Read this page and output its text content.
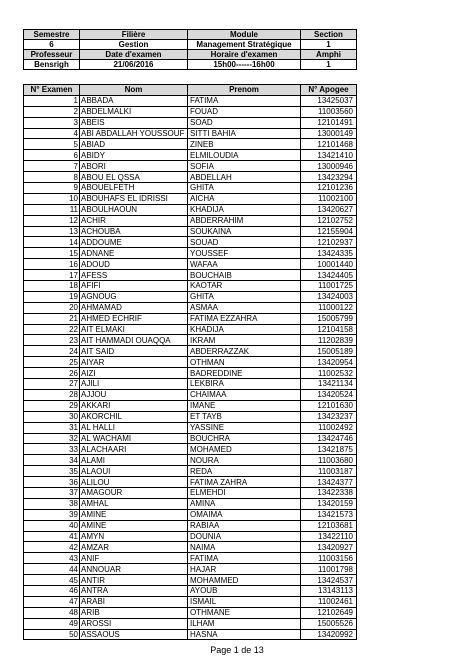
Semestre	Filière	Module	Section
6	Gestion	Management Stratégique	1
Professeur	Date d'examen	Horaire d'examen	Amphi
Bensrigh	21/06/2016	15h00------16h00	1
N° Examen	Nom	Prenom	N° Apogee
1	ABBADA	FATIMA	13425037
2	ABDELMALKI	FOUAD	11003560
3	ABEIS	SOAD	12101491
4	ABI ABDALLAH YOUSSOUF	SITTI BAHIA	13000149
5	ABIAD	ZINEB	12101468
6	ABIDY	ELMILOUDIA	13421410
7	ABORI	SOFIA	13000946
8	ABOU EL QSSA	ABDELLAH	13423294
9	ABOUELFETH	GHITA	12101236
10	ABOUHAFS EL IDRISSI	AICHA	11002100
11	ABOULHAOUN	KHADIJA	13420627
12	ACHIR	ABDERRAHIM	12102752
13	ACHOUBA	SOUKAINA	12155904
14	ADDOUME	SOUAD	12102937
15	ADNANE	YOUSSEF	13424335
16	ADOUD	WAFAA	10001440
17	AFESS	BOUCHAIB	13424405
18	AFIFI	KAOTAR	11001725
19	AGNOUG	GHITA	13424003
20	AHMAMAD	ASMAA	11000122
21	AHMED ECHRIF	FATIMA EZZAHRA	15005799
22	AIT ELMAKI	KHADIJA	12104158
23	AIT HAMMADI OUAQQA	IKRAM	11202839
24	AIT SAID	ABDERRAZZAK	15005189
25	AIYAR	OTHMAN	13420954
26	AIZI	BADREDDINE	11002532
27	AJILI	LEKBIRA	13421134
28	AJJOU	CHAIMAA	13420524
29	AKKARI	IMANE	12101630
30	AKORCHIL	ET TAYB	13423237
31	AL HALLI	YASSINE	11002492
32	AL WACHAMI	BOUCHRA	13424746
33	ALACHAARI	MOHAMED	13421875
34	ALAMI	NOURA	11003680
35	ALAOUI	REDA	11003187
36	ALILOU	FATIMA ZAHRA	13424377
37	AMAGOUR	ELMEHDI	13422338
38	AMHAL	AMINA	13420159
39	AMINE	OMAIMA	13421573
40	AMINE	RABIAA	12103681
41	AMYN	DOUNIA	13422110
42	AMZAR	NAIMA	13420927
43	ANIF	FATIMA	11003156
44	ANNOUAR	HAJAR	11001798
45	ANTIR	MOHAMMED	13424537
46	ANTRA	AYOUB	13143113
47	ARABI	ISMAIL	11002461
48	ARIB	OTHMANE	12102649
49	AROSSI	ILHAM	15005526
50	ASSAOUS	HASNA	13420992
Page 1 de 13
